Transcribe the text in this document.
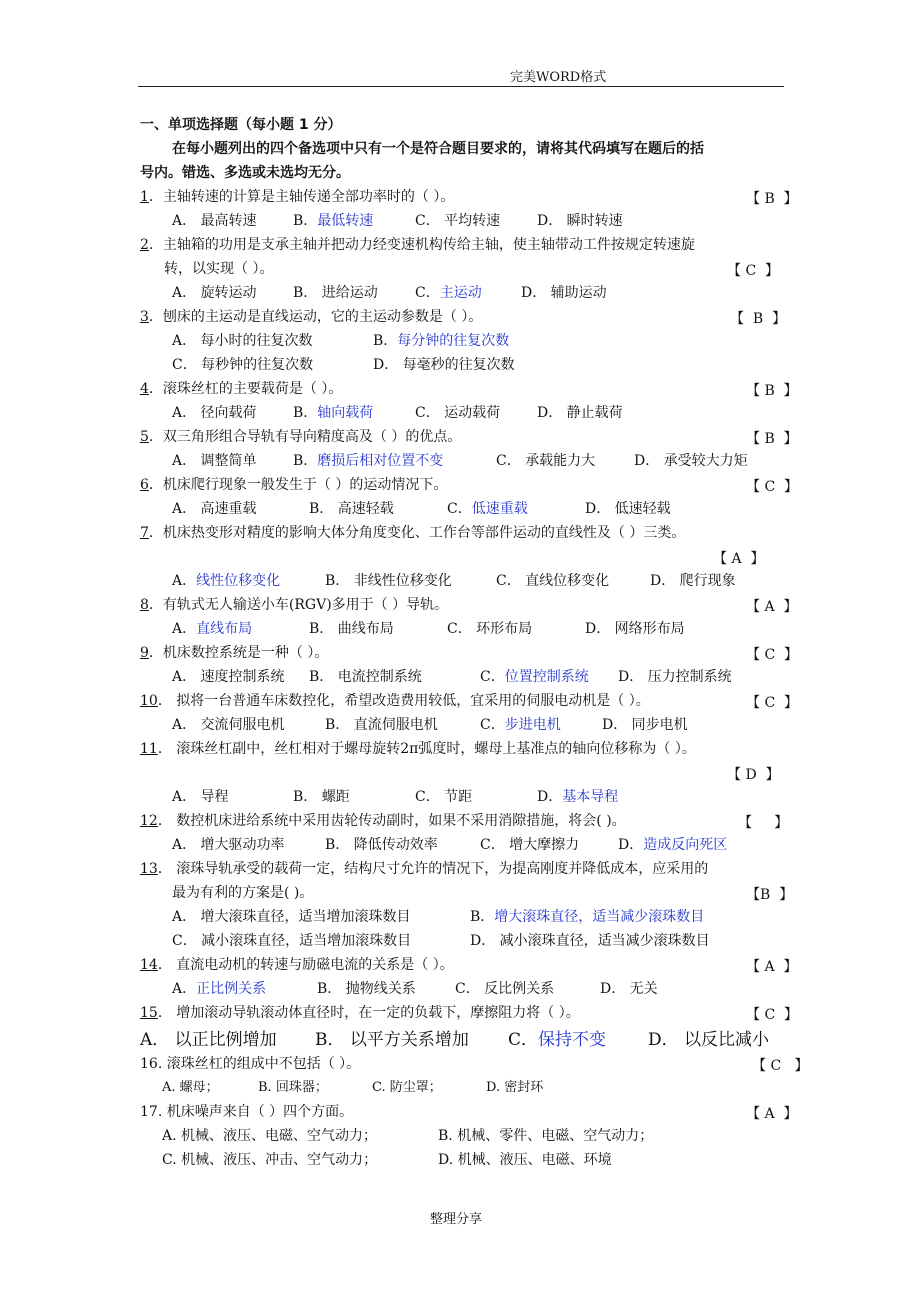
完美WORD格式
一、单项选择题（每小题 1 分）
在每小题列出的四个备选项中只有一个是符合题目要求的，请将其代码填写在题后的括
号内。错选、多选或未选均无分。
1．主轴转速的计算是主轴传递全部功率时的（ ）。	【 B  】
A． 最高转速	B．最低转速	C． 平均转速	D． 瞬时转速
2．主轴箱的功用是支承主轴并把动力经变速机构传给主轴，使主轴带动工件按规定转速旋
转，以实现（ ）。	【 C  】
A． 旋转运动	B． 进给运动	C．主运动	D． 辅助运动
3．刨床的主运动是直线运动，它的主运动参数是（ ）。	【  B  】
A． 每小时的往复次数	B．每分钟的往复次数
C． 每秒钟的往复次数	D． 每毫秒的往复次数
4．滚珠丝杠的主要载荷是（ ）。	【 B  】
A． 径向载荷	B．轴向载荷	C． 运动载荷	D． 静止载荷
5．双三角形组合导轨有导向精度高及（ ）的优点。	【 B  】
A． 调整简单	B．磨损后相对位置不变	C． 承载能力大	D． 承受较大力矩
6．机床爬行现象一般发生于（ ）的运动情况下。	【 C  】
A． 高速重载	B． 高速轻载	C．低速重载	D． 低速轻载
7．机床热变形对精度的影响大体分角度变化、工作台等部件运动的直线性及（ ）三类。
【 A  】
A．线性位移变化	B． 非线性位移变化	C． 直线位移变化	D． 爬行现象
8．有轨式无人输送小车(RGV)多用于（ ）导轨。	【 A  】
A．直线布局	B． 曲线布局	C． 环形布局	D． 网络形布局
9．机床数控系统是一种（ ）。	【 C  】
A． 速度控制系统 B． 电流控制系统	C．位置控制系统 D． 压力控制系统
10． 拟将一台普通车床数控化，希望改造费用较低，宜采用的伺服电动机是（ ）。	【 C  】
A． 交流伺服电机	B． 直流伺服电机	C．步进电机	D． 同步电机
11． 滚珠丝杠副中，丝杠相对于螺母旋转2π弧度时，螺母上基准点的轴向位移称为（ ）。
【 D  】
A． 导程	B． 螺距	C． 节距	D．基本导程
12． 数控机床进给系统中采用齿轮传动副时，如果不采用消隙措施，将会( )。	【     】
A． 增大驱动功率	B． 降低传动效率	C． 增大摩擦力	D．造成反向死区
13． 滚珠导轨承受的载荷一定，结构尺寸允许的情况下，为提高刚度并降低成本，应采用的
最为有利的方案是( )。	【B  】
A． 增大滚珠直径，适当增加滚珠数目	B．增大滚珠直径，适当减少滚珠数目
C． 减小滚珠直径，适当增加滚珠数目	D． 减小滚珠直径，适当减少滚珠数目
14． 直流电动机的转速与励磁电流的关系是（ ）。	【 A  】
A．正比例关系	B． 抛物线关系	C． 反比例关系	D． 无关
15． 增加滚动导轨滚动体直径时，在一定的负载下，摩擦阻力将（ ）。	【 C  】
A． 以正比例增加 B． 以平方关系增加 C．保持不变 D． 以反比减小
16. 滚珠丝杠的组成中不包括（ ）。	【 C   】
A. 螺母；	B. 回珠器；	C. 防尘罩；	D. 密封环
17. 机床噪声来自（ ）四个方面。	【 A  】
A. 机械、液压、电磁、空气动力；	B. 机械、零件、电磁、空气动力；
C. 机械、液压、冲击、空气动力；	D. 机械、液压、电磁、环境
整理分享
